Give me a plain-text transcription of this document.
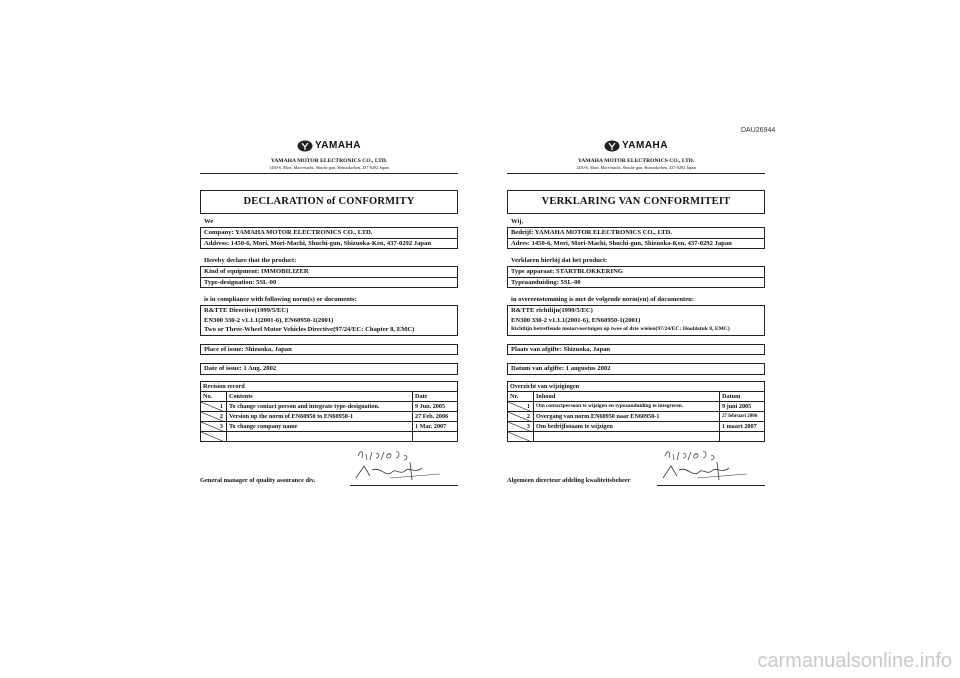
DAU26944
YAMAHA
YAMAHA MOTOR ELECTRONICS CO., LTD.
1450-6, Mori, Mori-machi, Shuchi-gun, Shizuoka-ken, 437-0292 Japan
DECLARATION of CONFORMITY
We
Company: YAMAHA MOTOR ELECTRONICS CO., LTD.
Address: 1450-6, Mori, Mori-Machi, Shuchi-gun, Shizuoka-Ken, 437-0292 Japan
Hereby declare that the product:
Kind of equipment: IMMOBILIZER
Type-designation: 5SL-00
is in compliance with following norm(s) or documents:
R&TTE Directive(1999/5/EC)
EN300 330-2 v1.1.1(2001-6), EN60950-1(2001)
Two or Three-Wheel Motor Vehicles Directive(97/24/EC: Chapter 8, EMC)
Place of issue: Shizuoka, Japan
Date of issue: 1 Aug. 2002
Revision record		
No.	Contents	Date

1	To change contact person and integrate type-designation.	9 Jun. 2005

2	Version up the norm of EN60950 to EN60950-1	27 Feb. 2006

3	To change company name	1 Mar. 2007

General manager of quality assurance div.
YAMAHA
YAMAHA MOTOR ELECTRONICS CO., LTD.
1450-6, Mori, Mori-machi, Shuchi-gun, Shizuoka-ken, 437-0292 Japan
VERKLARING VAN CONFORMITEIT
Wij,
Bedrijf: YAMAHA MOTOR ELECTRONICS CO., LTD.
Adres: 1450-6, Mori, Mori-Machi, Shuchi-gun, Shizuoka-Ken, 437-0292 Japan
Verklaren hierbij dat het product:
Type apparaat: STARTBLOKKERING
Typeaanduiding: 5SL-00
in overeenstemming is met de volgende norm(en) of documenten:
R&TTE richtlijn(1999/5/EC)
EN300 330-2 v1.1.1(2001-6), EN60950-1(2001)
Richtlijn betreffende motorvoertuigen op twee of drie wielen(97/24/EC: Hoofdstuk 8, EMC)
Plaats van afgifte: Shizuoka, Japan
Datum van afgifte: 1 augustus 2002
Overzicht van wijzigingen		
Nr.	Inhoud	Datum

1	Om contactpersoon te wijzigen en typeaanduiding te integreren.	9 juni 2005

2	Overgang van norm EN60950 naar EN60950-1	27 februari 2006

3	Om bedrijfsnaam te wijzigen	1 maart 2007

Algemeen directeur afdeling kwaliteitsbeheer
carmanualsonline.info
